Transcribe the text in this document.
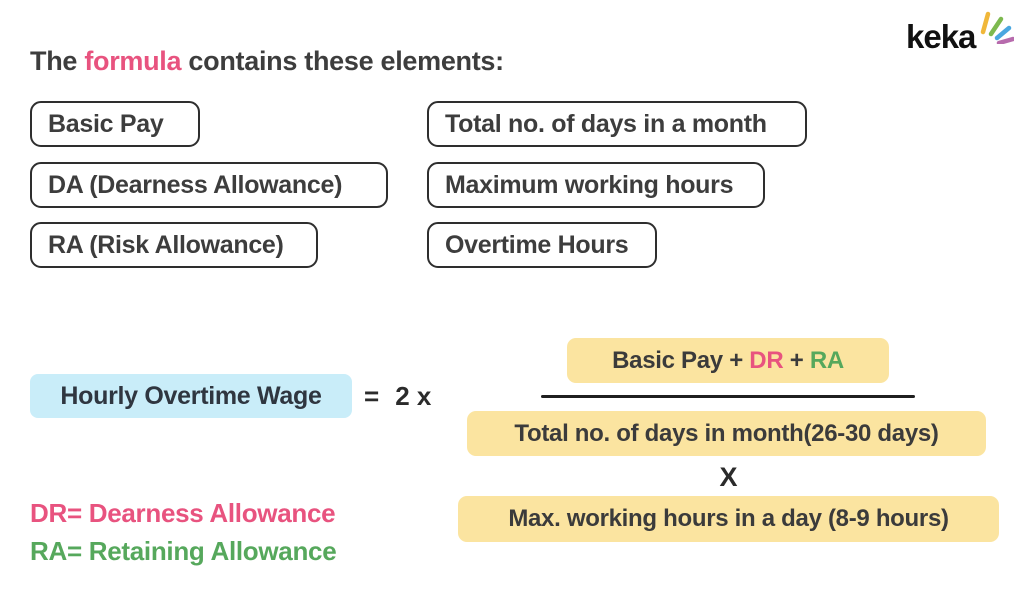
keka
The formula contains these elements:
Basic Pay
DA (Dearness Allowance)
RA (Risk Allowance)
Total no. of days in a month
Maximum working hours
Overtime Hours
Hourly Overtime Wage	= 2 x
Basic Pay + DR + RA
Total no. of days in month(26-30 days)
X
Max. working hours in a day (8-9 hours)
DR= Dearness Allowance
RA= Retaining Allowance
